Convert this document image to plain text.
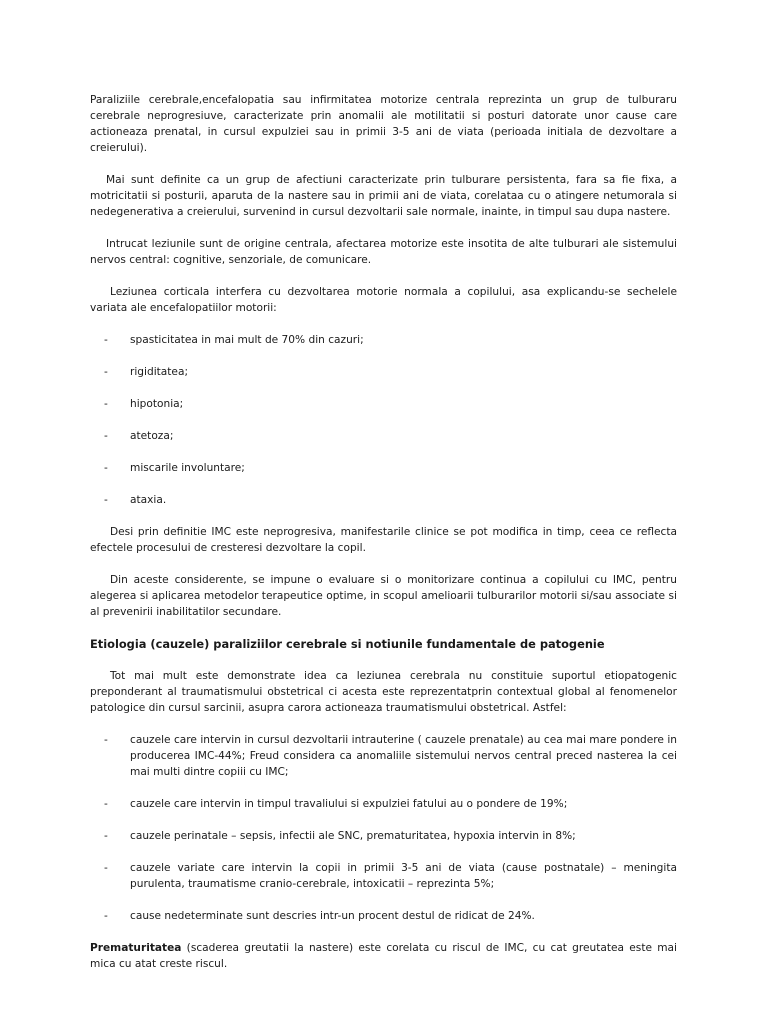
Paraliziile cerebrale,encefalopatia sau infirmitatea motorize centrala reprezinta un grup de tulburaru cerebrale neprogresiuve, caracterizate prin anomalii ale motilitatii si posturi datorate unor cause care actioneaza prenatal, in cursul expulziei sau in primii 3-5 ani de viata (perioada initiala de dezvoltare a creierului).

Mai sunt definite ca un grup de afectiuni caracterizate prin tulburare persistenta, fara sa fie fixa, a motricitatii si posturii, aparuta de la nastere sau in primii ani de viata, corelataa cu o atingere netumorala si nedegenerativa a creierului, survenind in cursul dezvoltarii sale normale, inainte, in timpul sau dupa nastere.

Intrucat leziunile sunt de origine centrala, afectarea motorize este insotita de alte tulburari ale sistemului nervos central: cognitive, senzoriale, de comunicare.

Leziunea corticala interfera cu dezvoltarea motorie normala a copilului, asa explicandu-se sechelele variata ale encefalopatiilor motorii:

-	spasticitatea in mai mult de 70% din cazuri;
-	rigiditatea;
-	hipotonia;
-	atetoza;
-	miscarile involuntare;
-	ataxia.

Desi prin definitie IMC este neprogresiva, manifestarile clinice se pot modifica in timp, ceea ce reflecta efectele procesului de cresteresi dezvoltare la copil.

Din aceste considerente, se impune o evaluare si o monitorizare continua a copilului cu IMC, pentru alegerea si aplicarea metodelor terapeutice optime, in scopul amelioarii tulburarilor motorii si/sau associate si al prevenirii inabilitatilor secundare.

Etiologia (cauzele) paraliziilor cerebrale si notiunile fundamentale de patogenie

Tot mai mult este demonstrate idea ca leziunea cerebrala nu constituie suportul etiopatogenic preponderant al traumatismului obstetrical ci acesta este reprezentatprin contextual global al fenomenelor patologice din cursul sarcinii, asupra carora actioneaza traumatismului obstetrical. Astfel:

-	cauzele care intervin in cursul dezvoltarii intrauterine ( cauzele prenatale) au cea mai mare pondere in producerea IMC-44%; Freud considera ca anomaliile sistemului nervos central preced nasterea la cei mai multi dintre copiii cu IMC;
-	cauzele care intervin in timpul travaliului si expulziei fatului au o pondere de 19%;
-	cauzele perinatale – sepsis, infectii ale SNC, prematuritatea, hypoxia intervin in 8%;
-	cauzele variate care intervin la copii in primii 3-5 ani de viata (cause postnatale) – meningita purulenta, traumatisme cranio-cerebrale, intoxicatii – reprezinta 5%;
-	cause nedeterminate sunt descries intr-un procent destul de ridicat de 24%.

Prematuritatea (scaderea greutatii la nastere) este corelata cu riscul de IMC, cu cat greutatea este mai mica cu atat creste riscul.
